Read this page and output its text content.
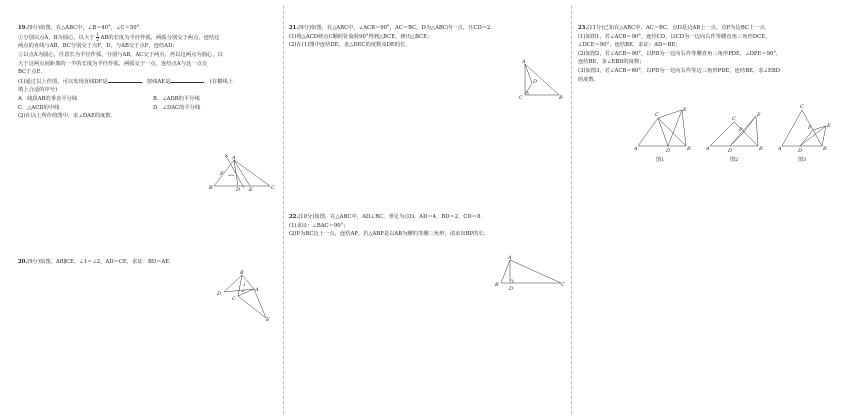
19.(9分)如图，在△ABC中，∠B＝40°，∠C＝50°．

①分别以点A，B为圆心，以大于 $\frac{1}{2}$ AB的长度为半径作弧，两弧分别交于两点，连结这

两点的直线与AB，BC分别交于点F，D，与AB交于点F，连结AD；

②以点A为圆心，任意长为半径作弧，分别与AB，AC交于两点，再以这两点为圆心，以

大于这两点间距离的一半的长度为半径作弧，两弧交于一点，连结点A与这一点交

BC于点E．

(1)通过以上作图，可以发现直线DF是	，射线AE是	．(在横线上

填上合适的序号)

A．线段AB的垂直平分线	B．∠ADB的平分线
C．△ACD的中线	D．∠DAC的平分线

(2)在以上所作的图中，求∠DAE的度数．

A
B	C
D E
F

20.(9分)如图，AB∥CE，∠1＝∠2，AD＝CE，求证：BD＝AE．

B
D
A
C
E
1
2

21.(9分)如图，在△ABC中，∠ACB＝90°，AC＝BC，D为△ABC内一点，且CD＝2．

(1)将△ACD绕点C顺时针旋转90°得到△BCE，画出△BCE；

(2)在(1)图中连结DE，求△DEC的度数及DE的长．

A
C	B
D

22.(10分)如图，在△ABC中，AD⊥BC，垂足为点D，AD＝4，BD＝2，CD＝8．

(1)求证：∠BAC＝90°；

(2)P为BC边上一点，连结AP，若△ABP是以AB为腰的等腰三角形，请求出BP的长．

A
B
D
C

23.(11分)已知在△ABC中，AC＝BC，点D是边AB上一点，点P为边BC上一点．

(1)如图1，若∠ACB＝90°，连结CD，以CD为一边向右作等腰直角三角形DCE，

∠DCE＝90°，连结BE，求证：AD＝BE；

(2)如图2，若∠ACB＝90°，以PD为一边向右作等腰直角三角形PDE，∠DPE＝90°，

连结BE，求∠EBD的度数；

(3)如图3，若∠ACB＝60°，以PD为一边向右作等边三角形PDE，连结BE，求∠EBD

的度数．

C
A	D	B
E
图1
C
A	D	B
E
P
图2
C
A	D	B
E
P
图3
